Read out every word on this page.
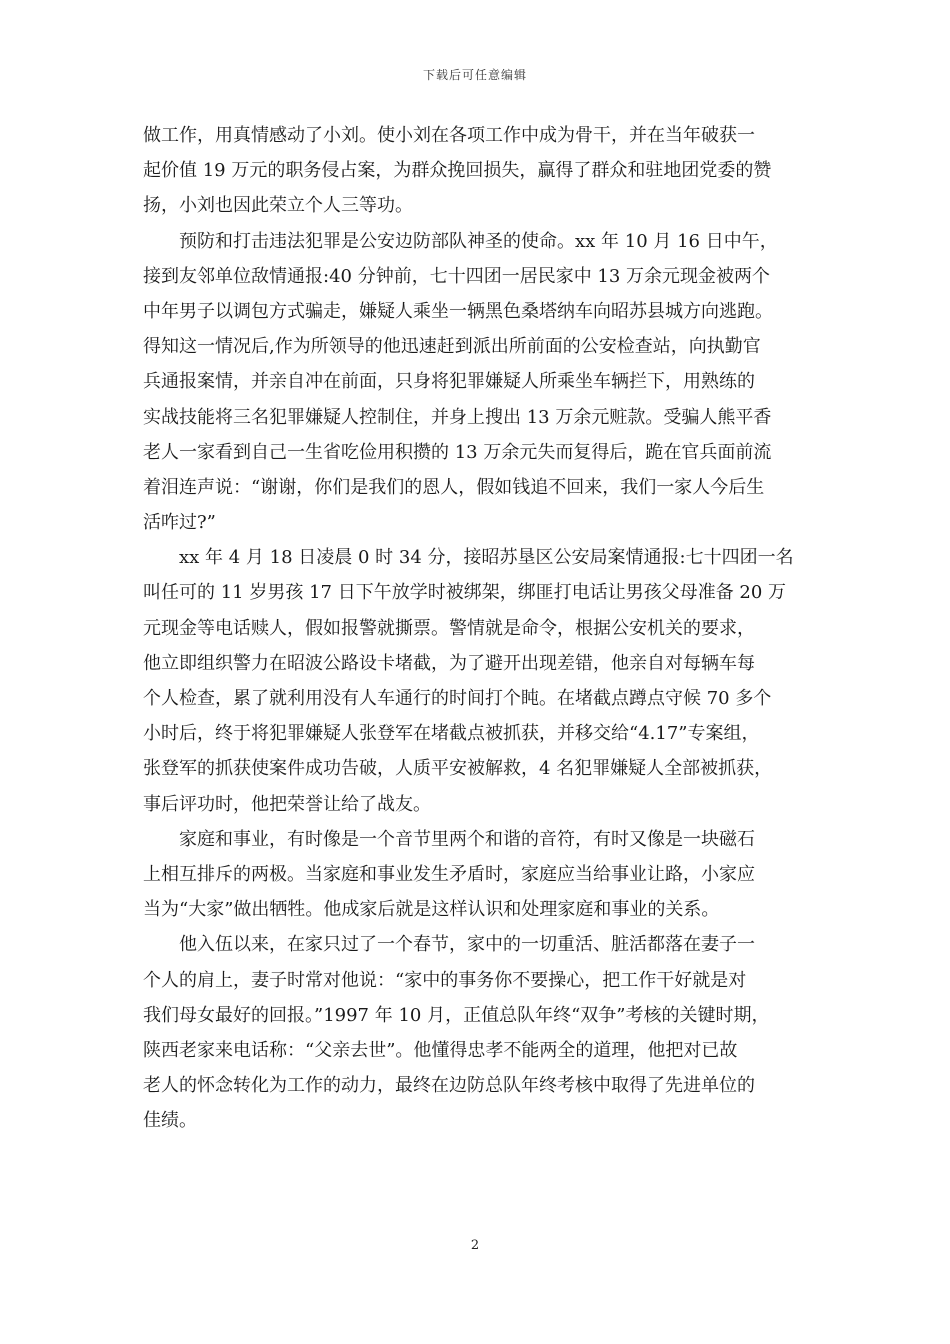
下载后可任意编辑
做工作，用真情感动了小刘。使小刘在各项工作中成为骨干，并在当年破获一
起价值 19 万元的职务侵占案，为群众挽回损失，赢得了群众和驻地团党委的赞
扬，小刘也因此荣立个人三等功。
预防和打击违法犯罪是公安边防部队神圣的使命。xx 年 10 月 16 日中午，
接到友邻单位敌情通报:40 分钟前，七十四团一居民家中 13 万余元现金被两个
中年男子以调包方式骗走，嫌疑人乘坐一辆黑色桑塔纳车向昭苏县城方向逃跑。
得知这一情况后,作为所领导的他迅速赶到派出所前面的公安检查站，向执勤官
兵通报案情，并亲自冲在前面，只身将犯罪嫌疑人所乘坐车辆拦下，用熟练的
实战技能将三名犯罪嫌疑人控制住，并身上搜出 13 万余元赃款。受骗人熊平香
老人一家看到自己一生省吃俭用积攒的 13 万余元失而复得后，跪在官兵面前流
着泪连声说：“谢谢，你们是我们的恩人，假如钱追不回来，我们一家人今后生
活咋过?”
xx 年 4 月 18 日凌晨 0 时 34 分，接昭苏垦区公安局案情通报:七十四团一名
叫任可的 11 岁男孩 17 日下午放学时被绑架，绑匪打电话让男孩父母准备 20 万
元现金等电话赎人，假如报警就撕票。警情就是命令，根据公安机关的要求，
他立即组织警力在昭波公路设卡堵截，为了避开出现差错，他亲自对每辆车每
个人检查，累了就利用没有人车通行的时间打个盹。在堵截点蹲点守候 70 多个
小时后，终于将犯罪嫌疑人张登军在堵截点被抓获，并移交给“4.17”专案组，
张登军的抓获使案件成功告破，人质平安被解救，4 名犯罪嫌疑人全部被抓获，
事后评功时，他把荣誉让给了战友。
家庭和事业，有时像是一个音节里两个和谐的音符，有时又像是一块磁石
上相互排斥的两极。当家庭和事业发生矛盾时，家庭应当给事业让路，小家应
当为“大家”做出牺牲。他成家后就是这样认识和处理家庭和事业的关系。
他入伍以来，在家只过了一个春节，家中的一切重活、脏活都落在妻子一
个人的肩上，妻子时常对他说：“家中的事务你不要操心，把工作干好就是对
我们母女最好的回报。”1997 年 10 月，正值总队年终“双争”考核的关键时期，
陕西老家来电话称：“父亲去世”。他懂得忠孝不能两全的道理，他把对已故
老人的怀念转化为工作的动力，最终在边防总队年终考核中取得了先进单位的
佳绩。
2
